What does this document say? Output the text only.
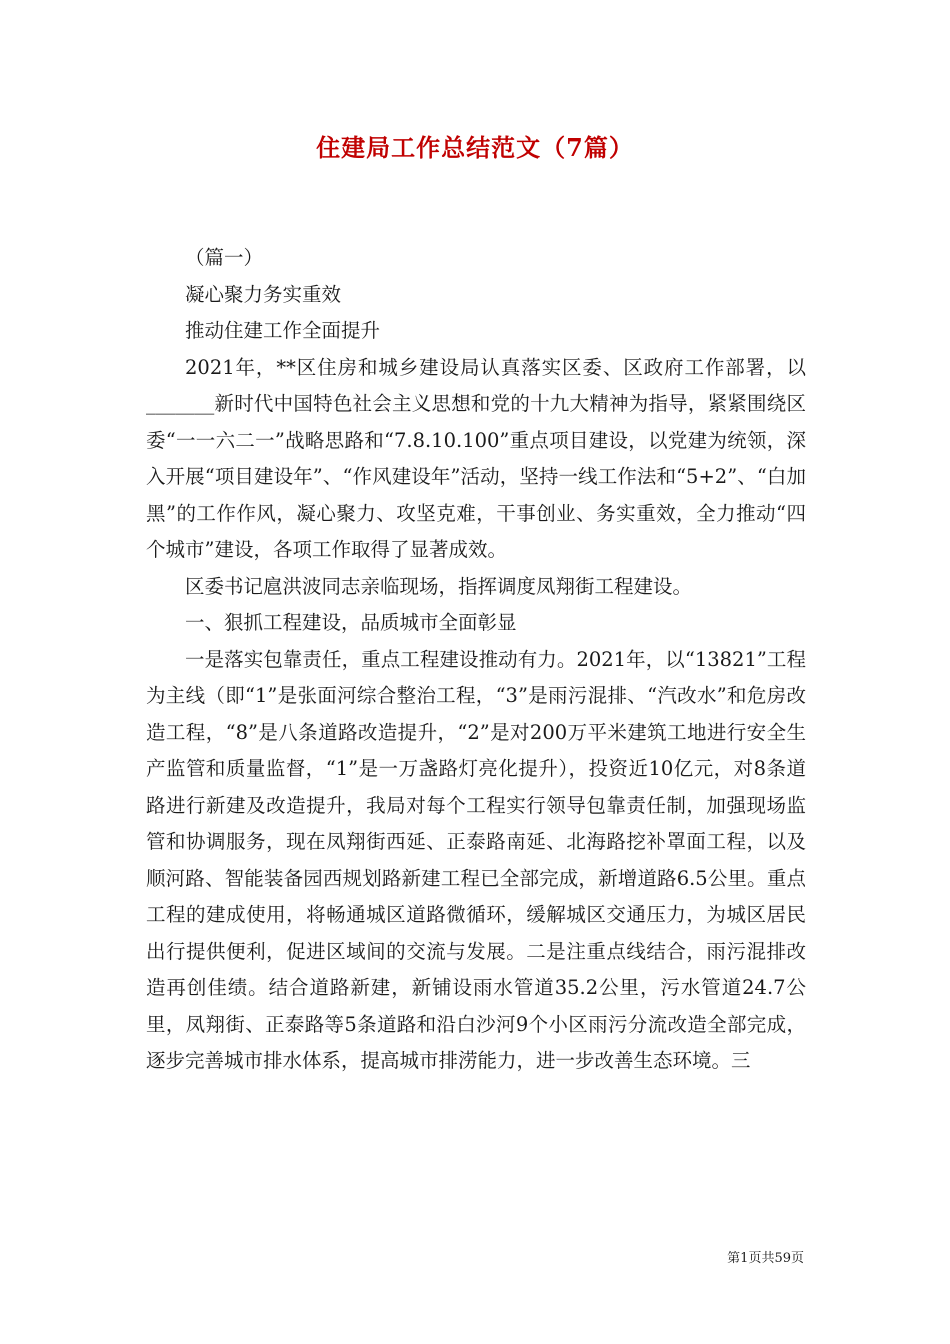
住建局工作总结范文（7篇）

（篇一）

凝心聚力务实重效

推动住建工作全面提升

2021年，**区住房和城乡建设局认真落实区委、区政府工作部署，以_______新时代中国特色社会主义思想和党的十九大精神为指导，紧紧围绕区委“一一六二一”战略思路和“7.8.10.100”重点项目建设，以党建为统领，深入开展“项目建设年”、“作风建设年”活动，坚持一线工作法和“5+2”、“白加黑”的工作作风，凝心聚力、攻坚克难，干事创业、务实重效，全力推动“四个城市”建设，各项工作取得了显著成效。

区委书记扈洪波同志亲临现场，指挥调度凤翔街工程建设。

一、狠抓工程建设，品质城市全面彰显

一是落实包靠责任，重点工程建设推动有力。2021年，以“13821”工程为主线（即“1”是张面河综合整治工程，“3”是雨污混排、“汽改水”和危房改造工程，“8”是八条道路改造提升，“2”是对200万平米建筑工地进行安全生产监管和质量监督，“1”是一万盏路灯亮化提升），投资近10亿元，对8条道路进行新建及改造提升，我局对每个工程实行领导包靠责任制，加强现场监管和协调服务，现在凤翔街西延、正泰路南延、北海路挖补罩面工程，以及顺河路、智能装备园西规划路新建工程已全部完成，新增道路6.5公里。重点工程的建成使用，将畅通城区道路微循环，缓解城区交通压力，为城区居民出行提供便利，促进区域间的交流与发展。二是注重点线结合，雨污混排改造再创佳绩。结合道路新建，新铺设雨水管道35.2公里，污水管道24.7公里，凤翔街、正泰路等5条道路和沿白沙河9个小区雨污分流改造全部完成，逐步完善城市排水体系，提高城市排涝能力，进一步改善生态环境。三

第1页共59页
